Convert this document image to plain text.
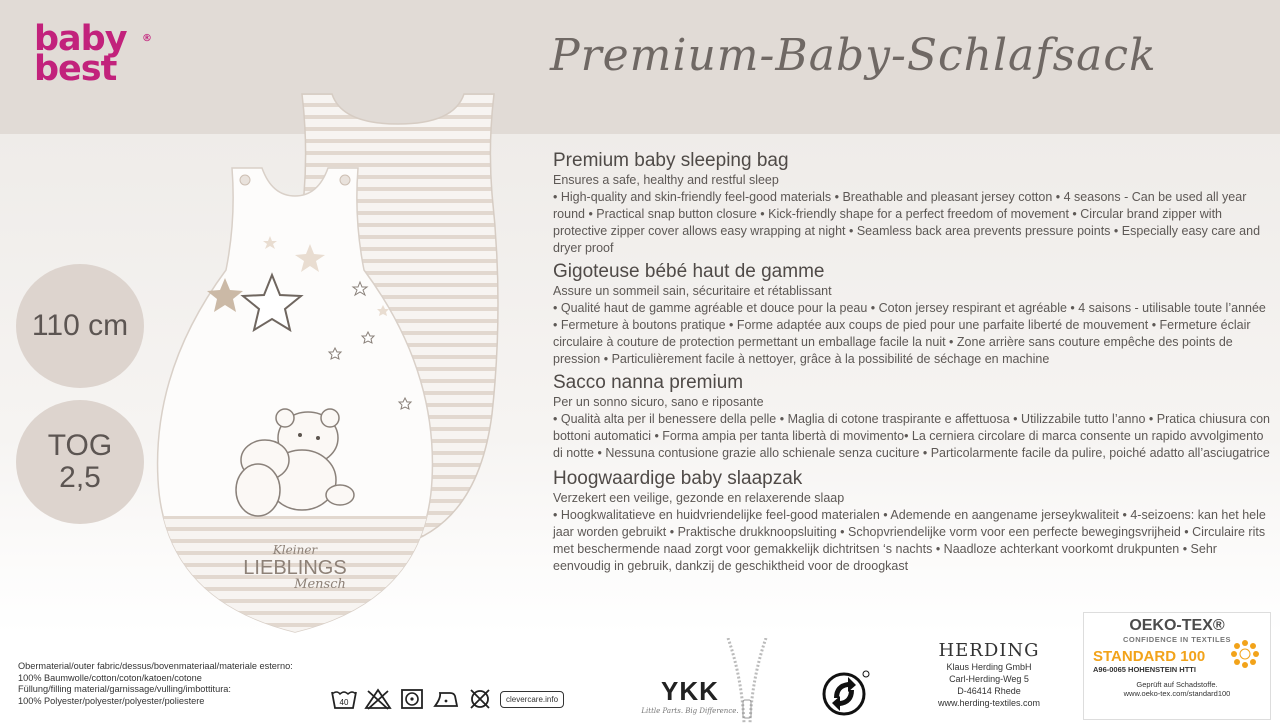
baby
best
®	Premium-Baby-Schlafsack
110 cm
TOG
2,5
Kleiner
LIEBLINGS
Mensch
Premium baby sleeping bag
Ensures a safe, healthy and restful sleep
• High-quality and skin-friendly feel-good materials • Breathable and pleasant jersey cotton • 4 seasons - Can be used all year round • Practical snap button closure • Kick-friendly shape for a perfect freedom of movement • Circular brand zipper with protective zipper cover allows easy wrapping at night • Seamless back area prevents pressure points • Especially easy care and dryer proof
Gigoteuse bébé haut de gamme
Assure un sommeil sain, sécuritaire et rétablissant
• Qualité haut de gamme agréable et douce pour la peau • Coton jersey respirant et agréable • 4 saisons - utilisable toute l’année • Fermeture à boutons pratique • Forme adaptée aux coups de pied pour une parfaite liberté de mouvement • Fermeture éclair circulaire à couture de protection permettant un emballage facile la nuit • Zone arrière sans couture empêche des points de pression • Particulièrement facile à nettoyer, grâce à la possibilité de séchage en machine
Sacco nanna premium
Per un sonno sicuro, sano e riposante
• Qualità alta per il benessere della pelle • Maglia di cotone traspirante e affettuosa • Utilizzabile tutto l’anno • Pratica chiusura con bottoni automatici • Forma ampia per tanta libertà di movimento• La cerniera circolare di marca consente un rapido avvolgimento di notte • Nessuna contusione grazie allo schienale senza cuciture • Particolarmente facile da pulire, poiché adatto all’asciugatrice
Hoogwaardige baby slaapzak
Verzekert een veilige, gezonde en relaxerende slaap
• Hoogkwalitatieve en huidvriendelijke feel-good materialen • Ademende en aangename jerseykwaliteit • 4-seizoens: kan het hele jaar worden gebruikt • Praktische drukknoopsluiting • Schopvriendelijke vorm voor een perfecte bewegingsvrijheid • Circulaire rits met beschermende naad zorgt voor gemakkelijk dichtritsen ‘s nachts • Naadloze achterkant voorkomt drukpunten • Sehr eenvoudig in gebruik, dankzij de geschiktheid voor de droogkast
Obermaterial/outer fabric/dessus/bovenmateriaal/materiale esterno:
100% Baumwolle/cotton/coton/katoen/cotone
Füllung/filling material/garnissage/vulling/imbottitura:
100% Polyester/polyester/polyester/poliestere	40	clevercare.info	YKK
Little Parts. Big Difference.
HERDING
Klaus Herding GmbH
Carl-Herding-Weg 5
D-46414 Rhede
www.herding-textiles.com
OEKO-TEX®
CONFIDENCE IN TEXTILES
STANDARD 100
A96-0065 HOHENSTEIN HTTI
Geprüft auf Schadstoffe.
www.oeko-tex.com/standard100
